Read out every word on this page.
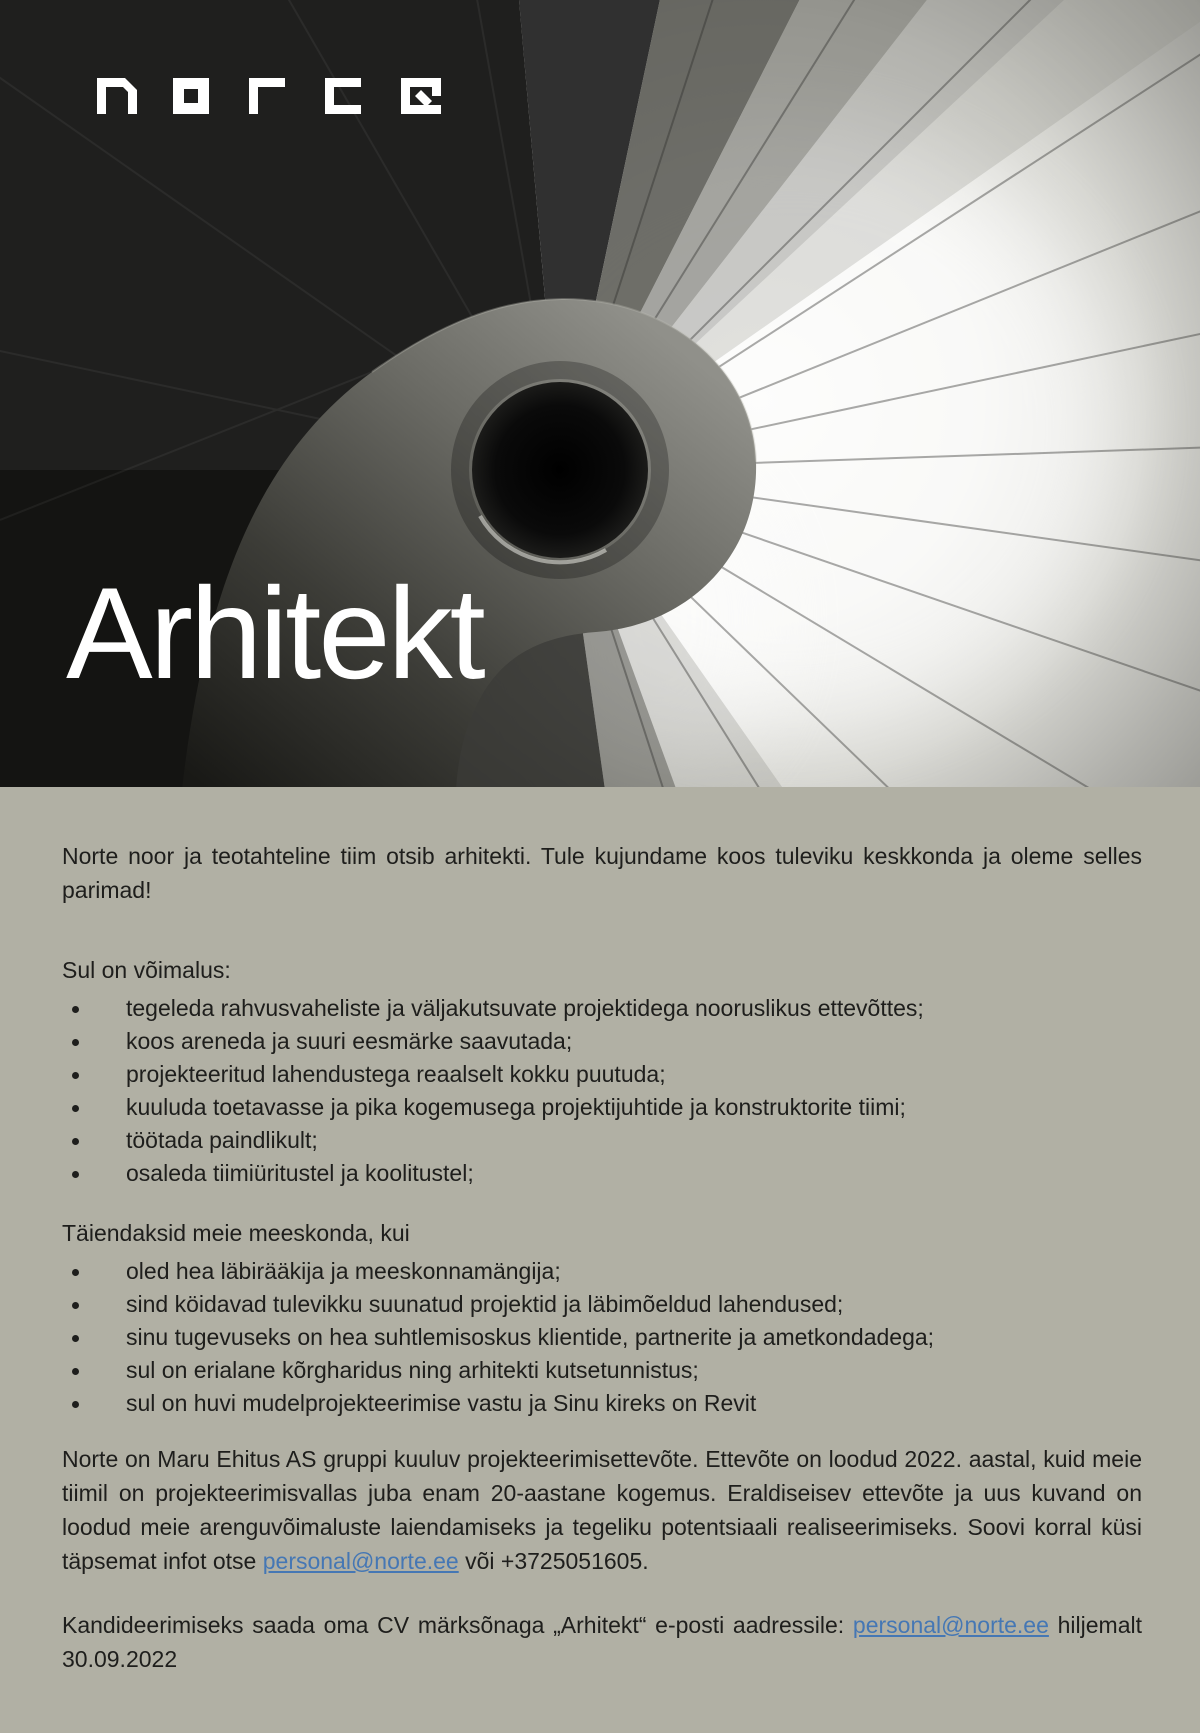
Arhitekt

Norte noor ja teotahteline tiim otsib arhitekti. Tule kujundame koos tuleviku keskkonda ja oleme selles parimad!

Sul on võimalus:

tegeleda rahvusvaheliste ja väljakutsuvate projektidega nooruslikus ettevõttes;
koos areneda ja suuri eesmärke saavutada;
projekteeritud lahendustega reaalselt kokku puutuda;
kuuluda toetavasse ja pika kogemusega projektijuhtide ja konstruktorite tiimi;
töötada paindlikult;
osaleda tiimiüritustel ja koolitustel;

Täiendaksid meie meeskonda, kui

oled hea läbirääkija ja meeskonnamängija;
sind köidavad tulevikku suunatud projektid ja läbimõeldud lahendused;
sinu tugevuseks on hea suhtlemisoskus klientide, partnerite ja ametkondadega;
sul on erialane kõrgharidus ning arhitekti kutsetunnistus;
sul on huvi mudelprojekteerimise vastu ja Sinu kireks on Revit

Norte on Maru Ehitus AS gruppi kuuluv projekteerimisettevõte. Ettevõte on loodud 2022. aastal, kuid meie tiimil on projekteerimisvallas juba enam 20-aastane kogemus. Eraldiseisev ettevõte ja uus kuvand on loodud meie arenguvõimaluste laiendamiseks ja tegeliku potentsiaali realiseerimiseks. Soovi korral küsi täpsemat infot otse personal@norte.ee või +3725051605.

Kandideerimiseks saada oma CV märksõnaga „Arhitekt“ e-posti aadressile: personal@norte.ee hiljemalt 30.09.2022
